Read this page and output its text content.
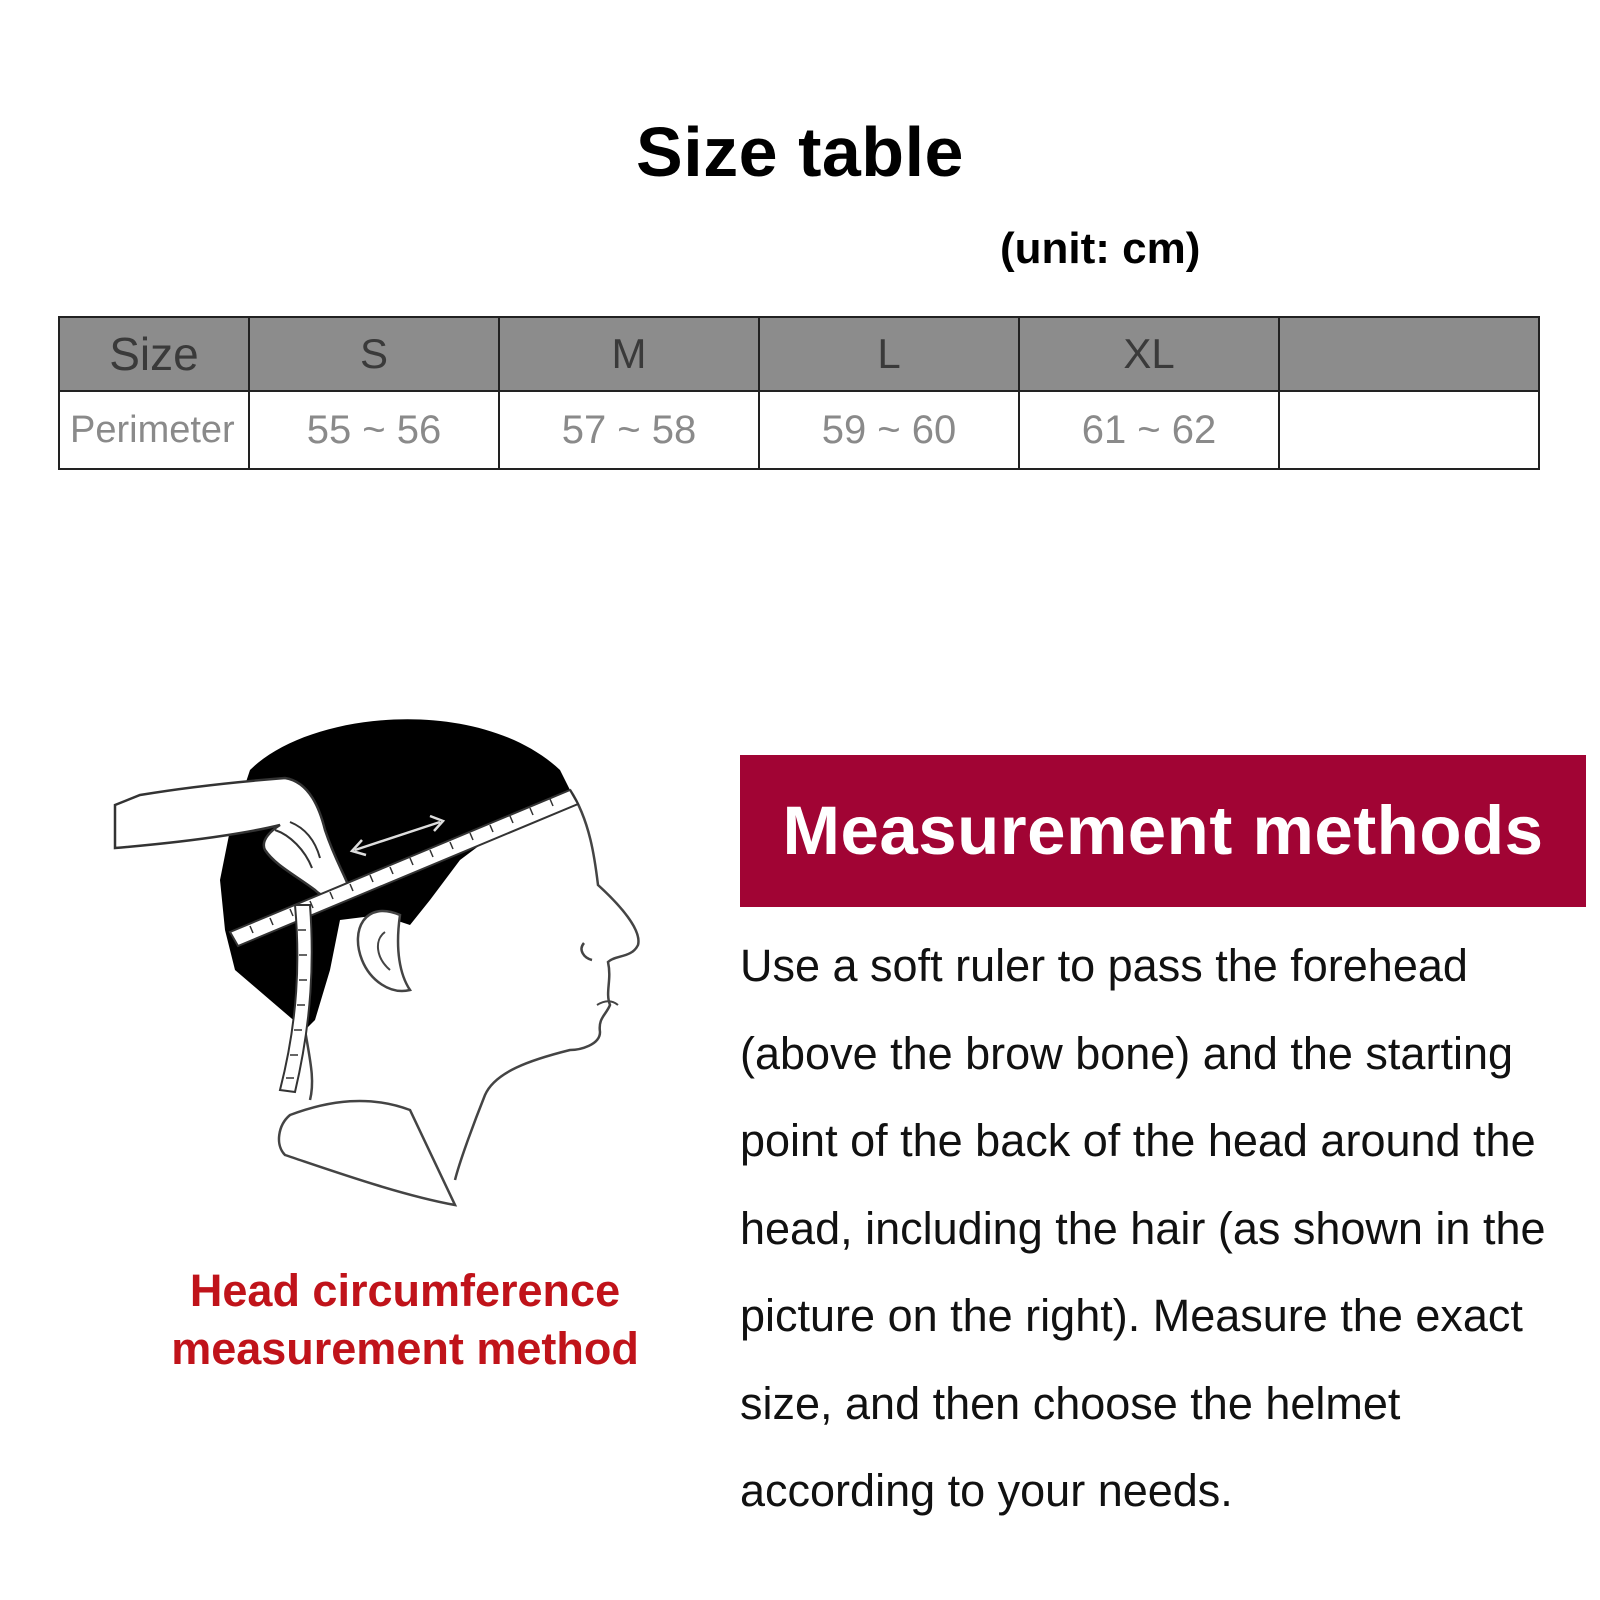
Size table
(unit: cm)
Size	S	M	L	XL	
Perimeter	55 ~ 56	57 ~ 58	59 ~ 60	61 ~ 62	
Head circumference
measurement method
Measurement methods
Use a soft ruler to pass the forehead (above the brow bone) and the starting point of the back of the head around the head, including the hair (as shown in the picture on the right). Measure the exact size, and then choose the helmet according to your needs.
